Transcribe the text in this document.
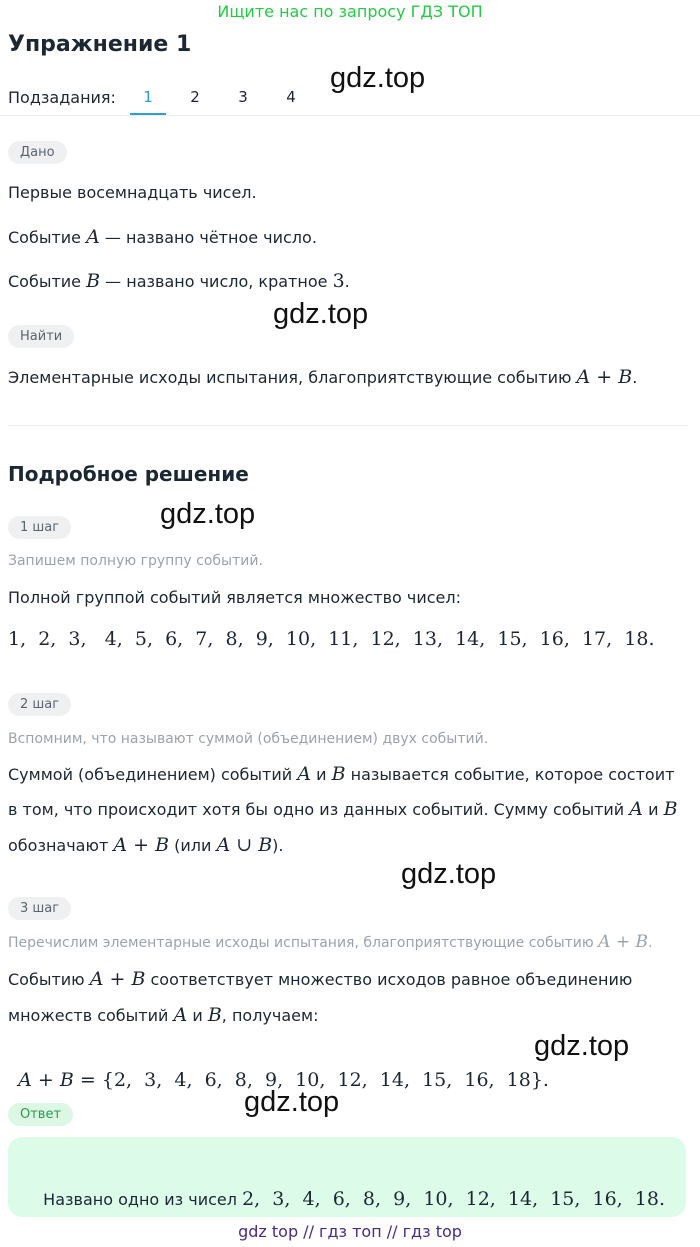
Ищите нас по запросу ГДЗ ТОП
Упражнение 1
Подзадания:	1	2	3	4
gdz.top
gdz.top
gdz.top
gdz.top
gdz.top
gdz.top
Дано
Первые восемнадцать чисел.
Событие A — названо чётное число.
Событие B — названо число, кратное 3.
Найти
Элементарные исходы испытания, благоприятствующие событию A + B.
Подробное решение
1 шаг
Запишем полную группу событий.
Полной группой событий является множество чисел:
1,  2,  3,   4,  5,  6,  7,  8,  9,  10,  11,  12,  13,  14,  15,  16,  17,  18.
2 шаг
Вспомним, что называют суммой (объединением) двух событий.
Суммой (объединением) событий A и B называется событие, которое состоит
в том, что происходит хотя бы одно из данных событий. Сумму событий A и B
обозначают A + B (или A ∪ B).
3 шаг
Перечислим элементарные исходы испытания, благоприятствующие событию A + B.
Событию A + B соответствует множество исходов равное объединению
множеств событий A и B, получаем:

A + B = {2,  3,  4,  6,  8,  9,  10,  12,  14,  15,  16,  18}.

Ответ

Названо одно из чисел 2,  3,  4,  6,  8,  9,  10,  12,  14,  15,  16,  18.

gdz top // гдз топ // гдз top
